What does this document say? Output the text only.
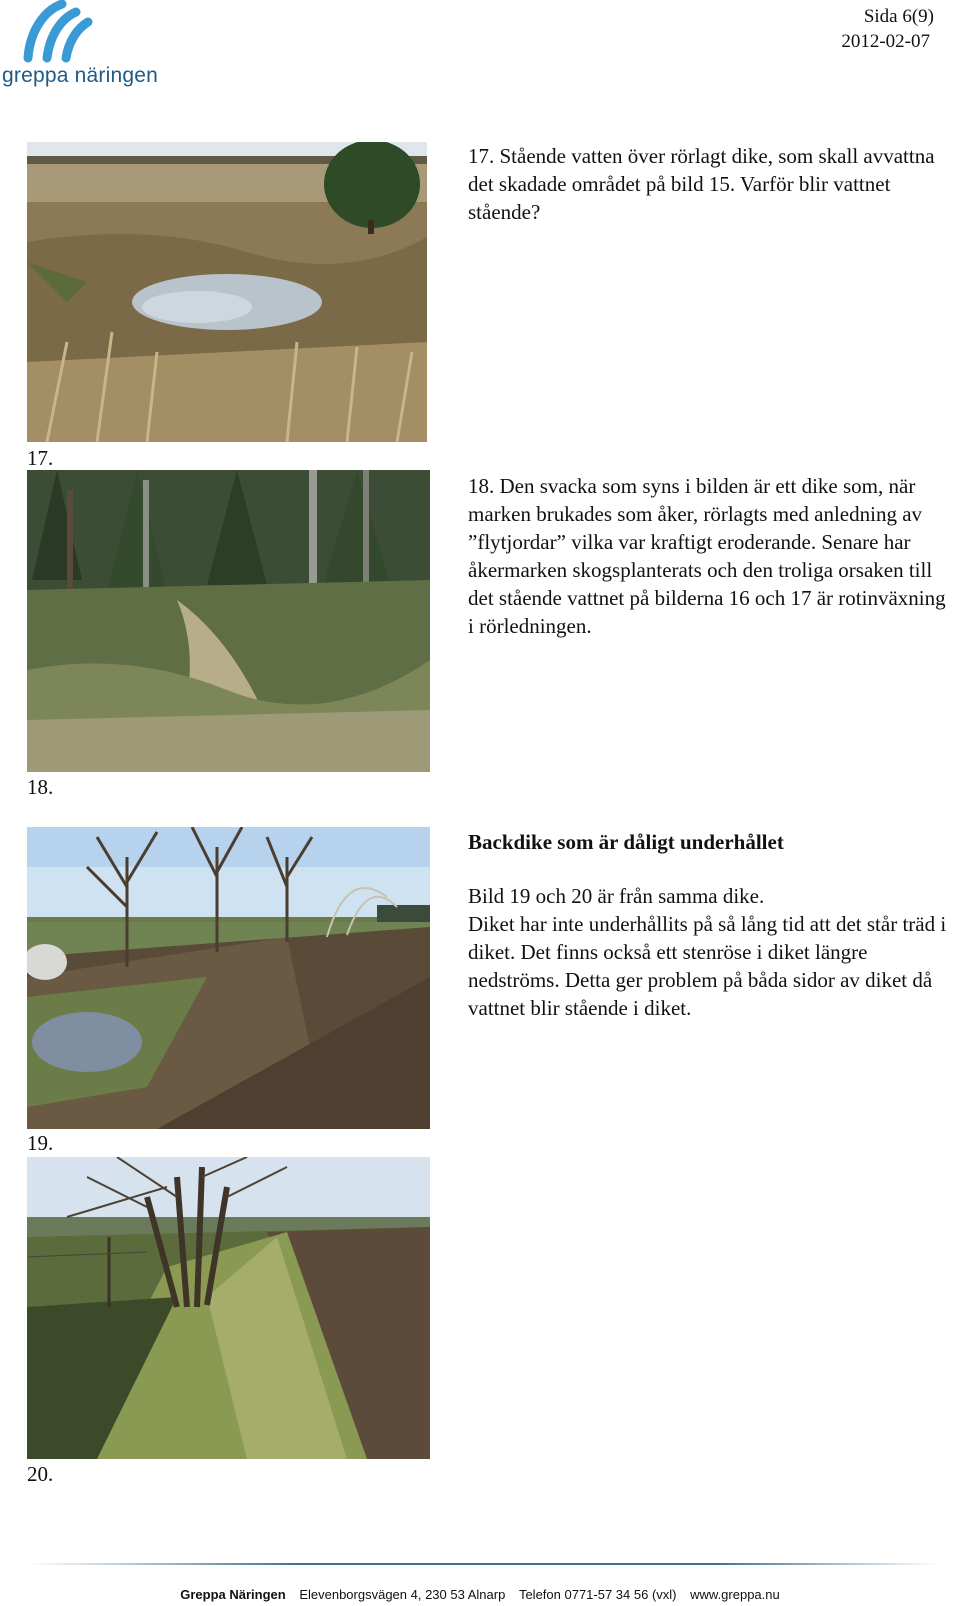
greppa näringen
Sida 6(9)
2012-02-07
17.

17. Stående vatten över rörlagt dike, som skall avvattna det skadade området på bild 15. Varför blir vattnet stående?

18.

18. Den svacka som syns i bilden är ett dike som, när marken brukades som åker, rörlagts med anledning av ”flytjordar” vilka var kraftigt eroderande. Senare har åkermarken skogsplanterats och den troliga orsaken till det stående vattnet på bilderna 16 och 17 är rotinväxning i rörledningen.

19.

Backdike som är dåligt underhållet

Bild 19 och 20 är från samma dike.

Diket har inte underhållits på så lång tid att det står träd i diket. Det finns också ett stenröse i diket längre nedströms. Detta ger problem på båda sidor av diket då vattnet blir stående i diket.

20.
Greppa Näringen Elevenborgsvägen 4, 230 53 Alnarp Telefon 0771-57 34 56 (vxl) www.greppa.nu
